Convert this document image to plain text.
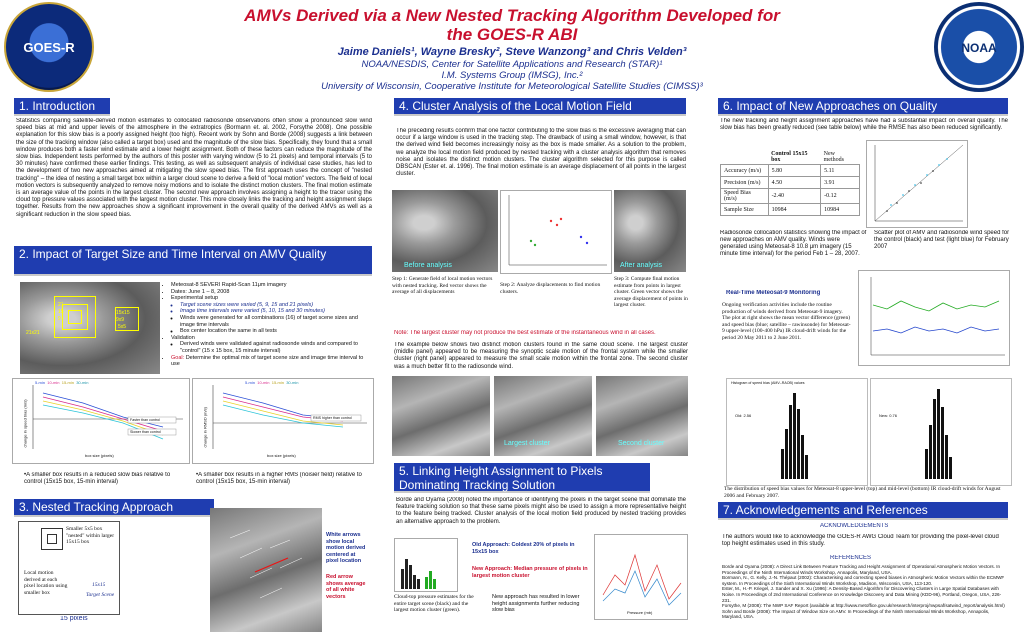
GOES-R	NOAA
AMVs Derived via a New Nested Tracking Algorithm Developed for
the GOES-R ABI
Jaime Daniels¹, Wayne Bresky², Steve Wanzong³ and Chris Velden³
NOAA/NESDIS, Center for Satellite Applications and Research (STAR)¹
I.M. Systems Group (IMSG), Inc.²
University of Wisconsin, Cooperative Institute for Meteorological Satellite Studies (CIMSS)³
1. Introduction
Statistics comparing satellite-derived motion estimates to collocated radiosonde observations often show a pronounced slow wind speed bias at mid and upper levels of the atmosphere in the extratropics (Bormann et. al. 2002, Forsythe 2008). One possible explanation for this slow bias is a poorly assigned height (too high). Recent work by Sohn and Borde (2008) suggests a link between the size of the tracking window (also called a target box) used and the magnitude of the slow bias. Specifically, they found that a small window produces both a faster wind estimate and a lower height assignment. Both of these factors can reduce the magnitude of the slow bias. Independent tests performed by the authors of this poster with varying window (5 to 21 pixels) and temporal intervals (5 to 30 minutes) have confirmed these earlier findings. This testing, as well as subsequent analysis of individual case studies, has led to the development of two new approaches aimed at mitigating the slow speed bias. The first approach uses the concept of "nested tracking" – the idea of nesting a small target box within a larger cloud scene to derive a field of "local motion" vectors. The field of local motion vectors is subsequently analyzed to remove noisy motions and to isolate the distinct motion clusters. The final motion estimate is an average value of the points in the largest cluster. The second new approach involves assigning a height to the tracer using the cloud top pressure values associated with the largest motion cluster. This more closely links the tracking and height assignment steps together. Results from the new approaches show a significant improvement in the overall quality of the derived AMVs as well as a significant reduction in the slow speed bias.
2. Impact of Target Size and Time Interval on AMV Quality
21
15
9
21x21
15x15
9x9
5x5
• Meteosat-8 SEVERI Rapid-Scan 11μm imagery
• Dates: June 1 – 8, 2008
• Experimental setup
◦ Target scene sizes were varied (5, 9, 15 and 21 pixels)
◦ Image time intervals were varied (5, 10, 15 and 30 minutes)
◦ Winds were generated for all combinations (16) of target scene sizes and image time intervals
◦ Box center location the same in all tests
• Validation
◦ Derived winds were validated against radiosonde winds and compared to "control" (15 x 15 box, 15 minute interval)
• Goal: Determine the optimal mix of target scene size and image time interval to use
5-min 10-min 15-min 30-min
Faster than control
Slower than control
change in speed bias (m/s)
box size (pixels)
5-min 10-min 15-min 30-min
RMS higher than control
change in RMSD (m/s)
box size (pixels)
•A smaller box results in a reduced slow bias relative to control (15x15 box, 15-min interval)
•A smaller box results in a higher RMS (noisier field) relative to control (15x15 box, 15-min interval)
3. Nested Tracking Approach
Smaller 5x5 box "nested" within larger 15x15 box
Local motion derived at each pixel location using smaller box
15x15
Target Scene
15 pixels
White arrows show local motion derived centered at pixel location
Red arrow shows average of all white vectors
4. Cluster Analysis of the Local Motion Field
The preceding results confirm that one factor contributing to the slow bias is the excessive averaging that can occur if a large window is used in the tracking step. The drawback of using a small window, however, is that the derived wind field becomes increasingly noisy as the box is made smaller. As a solution to the problem, we analyze the local motion field produced by nested tracking with a cluster analysis algorithm that removes noise and isolates the distinct motion clusters. The cluster algorithm selected for this purpose is called DBSCAN (Ester et. al. 1996). The final motion estimate is an average displacement of all points in the largest cluster.
Before analysis	After analysis
Step 1: Generate field of local motion vectors with nested tracking. Red vector shows the average of all displacements
Step 2: Analyze displacements to find motion clusters.
Step 3: Compute final motion estimate from points in largest cluster. Green vector shows the average displacement of points in largest cluster.
Note: The largest cluster may not produce the best estimate of the instantaneous wind in all cases.
The example below shows two distinct motion clusters found in the same cloud scene. The largest cluster (middle panel) appeared to be measuring the synoptic scale motion of the frontal system while the smaller cluster (right panel) appeared to measure the small scale motion within the frontal zone. The second cluster was a much better fit to the radiosonde wind.
Largest cluster	Second cluster
5. Linking Height Assignment to Pixels Dominating Tracking Solution
Borde and Oyama (2008) noted the importance of identifying the pixels in the target scene that dominate the feature tracking solution so that these same pixels might also be used to assign a more representative height to the feature being tracked. Cluster analysis of the local motion field produced by nested tracking provides an alternative approach to the problem.
Cloud-top pressure estimates for the entire target scene (black) and the largest motion cluster (green).
Old Approach: Coldest 20% of pixels in 15x15 box
New Approach: Median pressure of pixels in largest motion cluster
New approach has resulted in lower height assignments further reducing slow bias	Pressure (mb)
6. Impact of New Approaches on Quality
The new tracking and height assignment approaches have had a substantial impact on overall quality. The slow bias has been greatly reduced (see table below) while the RMSE has also been reduced significantly.
	Control 15x15 box	New methods
Accuracy (m/s)	5.80	5.11
Precision (m/s)	4.50	3.91
Speed Bias (m/s)	-2.40	-0.12
Sample Size	10984	10984
Radiosonde collocation statistics showing the impact of new approaches on AMV quality. Winds were generated using Meteosat-8 10.8 μm imagery (15 minute time interval) for the period Feb 1 – 28, 2007.
Scatter plot of AMV and radiosonde wind speed for the control (black) and test (light blue) for February 2007
Real-Time Meteosat-9 Monitoring
Ongoing verification activities include the routine production of winds derived from Meteosat-9 imagery. The plot at right shows the mean vector difference (green) and speed bias (blue; satellite – rawinsonde) for Meteosat-9 upper-level (100-400 hPa) IR cloud-drift winds for the period 20 May 2011 to 2 June 2011.
Histogram of speed bias (AMV–RAOB) values
Old: 2.56	New: 0.76
The distribution of speed bias values for Meteosat-8 upper-level (top) and mid-level (bottom) IR cloud-drift winds for August 2006 and February 2007.
7. Acknowledgements and References
ACKNOWLEDGEMENTS
The authors would like to acknowledge the GOES-R AWG Cloud Team for providing the pixel-level cloud top height estimates used in this study.
REFERENCES
Borde and Oyama (2008): A Direct Link Between Feature Tracking and Height Assignment of Operational Atmospheric Motion Vectors. In Proceedings of the Ninth International Winds Workshop, Annapolis, Maryland, USA.
Bormann, N., G. Kelly, J.-N. Thépaut (2002): Characterising and correcting speed biases in Atmospheric Motion Vectors within the ECMWF system. In Proceedings of the Sixth International Winds Workshop, Madison, Wisconsin, USA, 113-120.
Ester, M., H.-P. Kriegel, J. Sander and X. Xu (1996): A Density-Based Algorithm for Discovering Clusters in Large Spatial Databases with Noise. In Proceedings of 2nd International Conference on Knowledge Discovery and Data Mining (KDD-96), Portland, Oregon, USA, 226-231.
Forsythe, M (2008): The NWP SAF Report (available at http://www.metoffice.gov.uk/research/interproj/nwpsaf/satwind_report/analysis.html)
Sohn and Borde (2008): The Impact of Window Size on AMV. In Proceedings of the Ninth International Winds Workshop, Annapolis, Maryland, USA.
